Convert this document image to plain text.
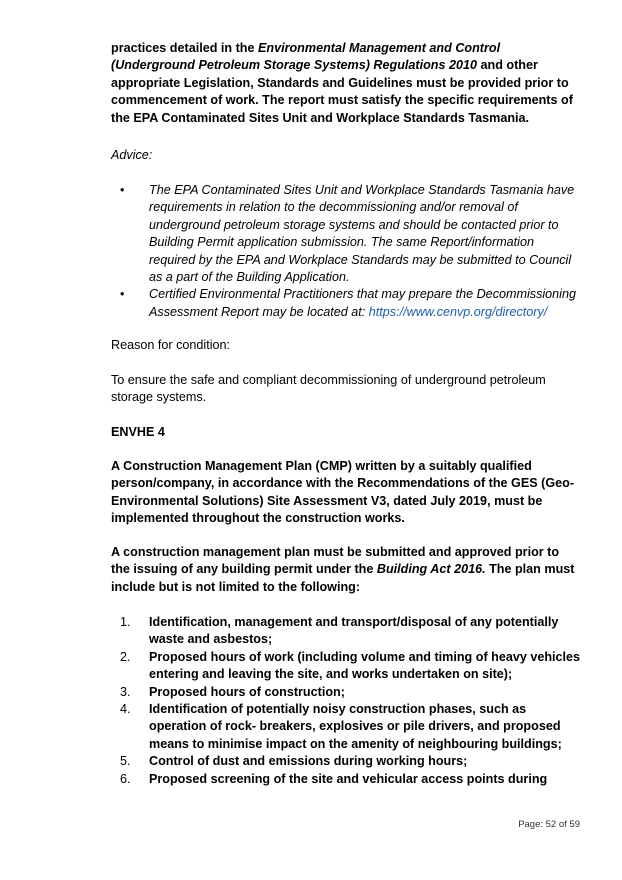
practices detailed in the Environmental Management and Control (Underground Petroleum Storage Systems) Regulations 2010 and other appropriate Legislation, Standards and Guidelines must be provided prior to commencement of work. The report must satisfy the specific requirements of the EPA Contaminated Sites Unit and Workplace Standards Tasmania.

Advice:

• The EPA Contaminated Sites Unit and Workplace Standards Tasmania have requirements in relation to the decommissioning and/or removal of underground petroleum storage systems and should be contacted prior to Building Permit application submission. The same Report/information required by the EPA and Workplace Standards may be submitted to Council as a part of the Building Application.
• Certified Environmental Practitioners that may prepare the Decommissioning Assessment Report may be located at: https://www.cenvp.org/directory/

Reason for condition:

To ensure the safe and compliant decommissioning of underground petroleum storage systems.

ENVHE 4

A Construction Management Plan (CMP) written by a suitably qualified person/company, in accordance with the Recommendations of the GES (Geo-Environmental Solutions) Site Assessment V3, dated July 2019, must be implemented throughout the construction works.

A construction management plan must be submitted and approved prior to the issuing of any building permit under the Building Act 2016. The plan must include but is not limited to the following:

1. Identification, management and transport/disposal of any potentially waste and asbestos;
2. Proposed hours of work (including volume and timing of heavy vehicles entering and leaving the site, and works undertaken on site);
3. Proposed hours of construction;
4. Identification of potentially noisy construction phases, such as operation of rock- breakers, explosives or pile drivers, and proposed means to minimise impact on the amenity of neighbouring buildings;
5. Control of dust and emissions during working hours;
6. Proposed screening of the site and vehicular access points during
Page: 52 of 59
